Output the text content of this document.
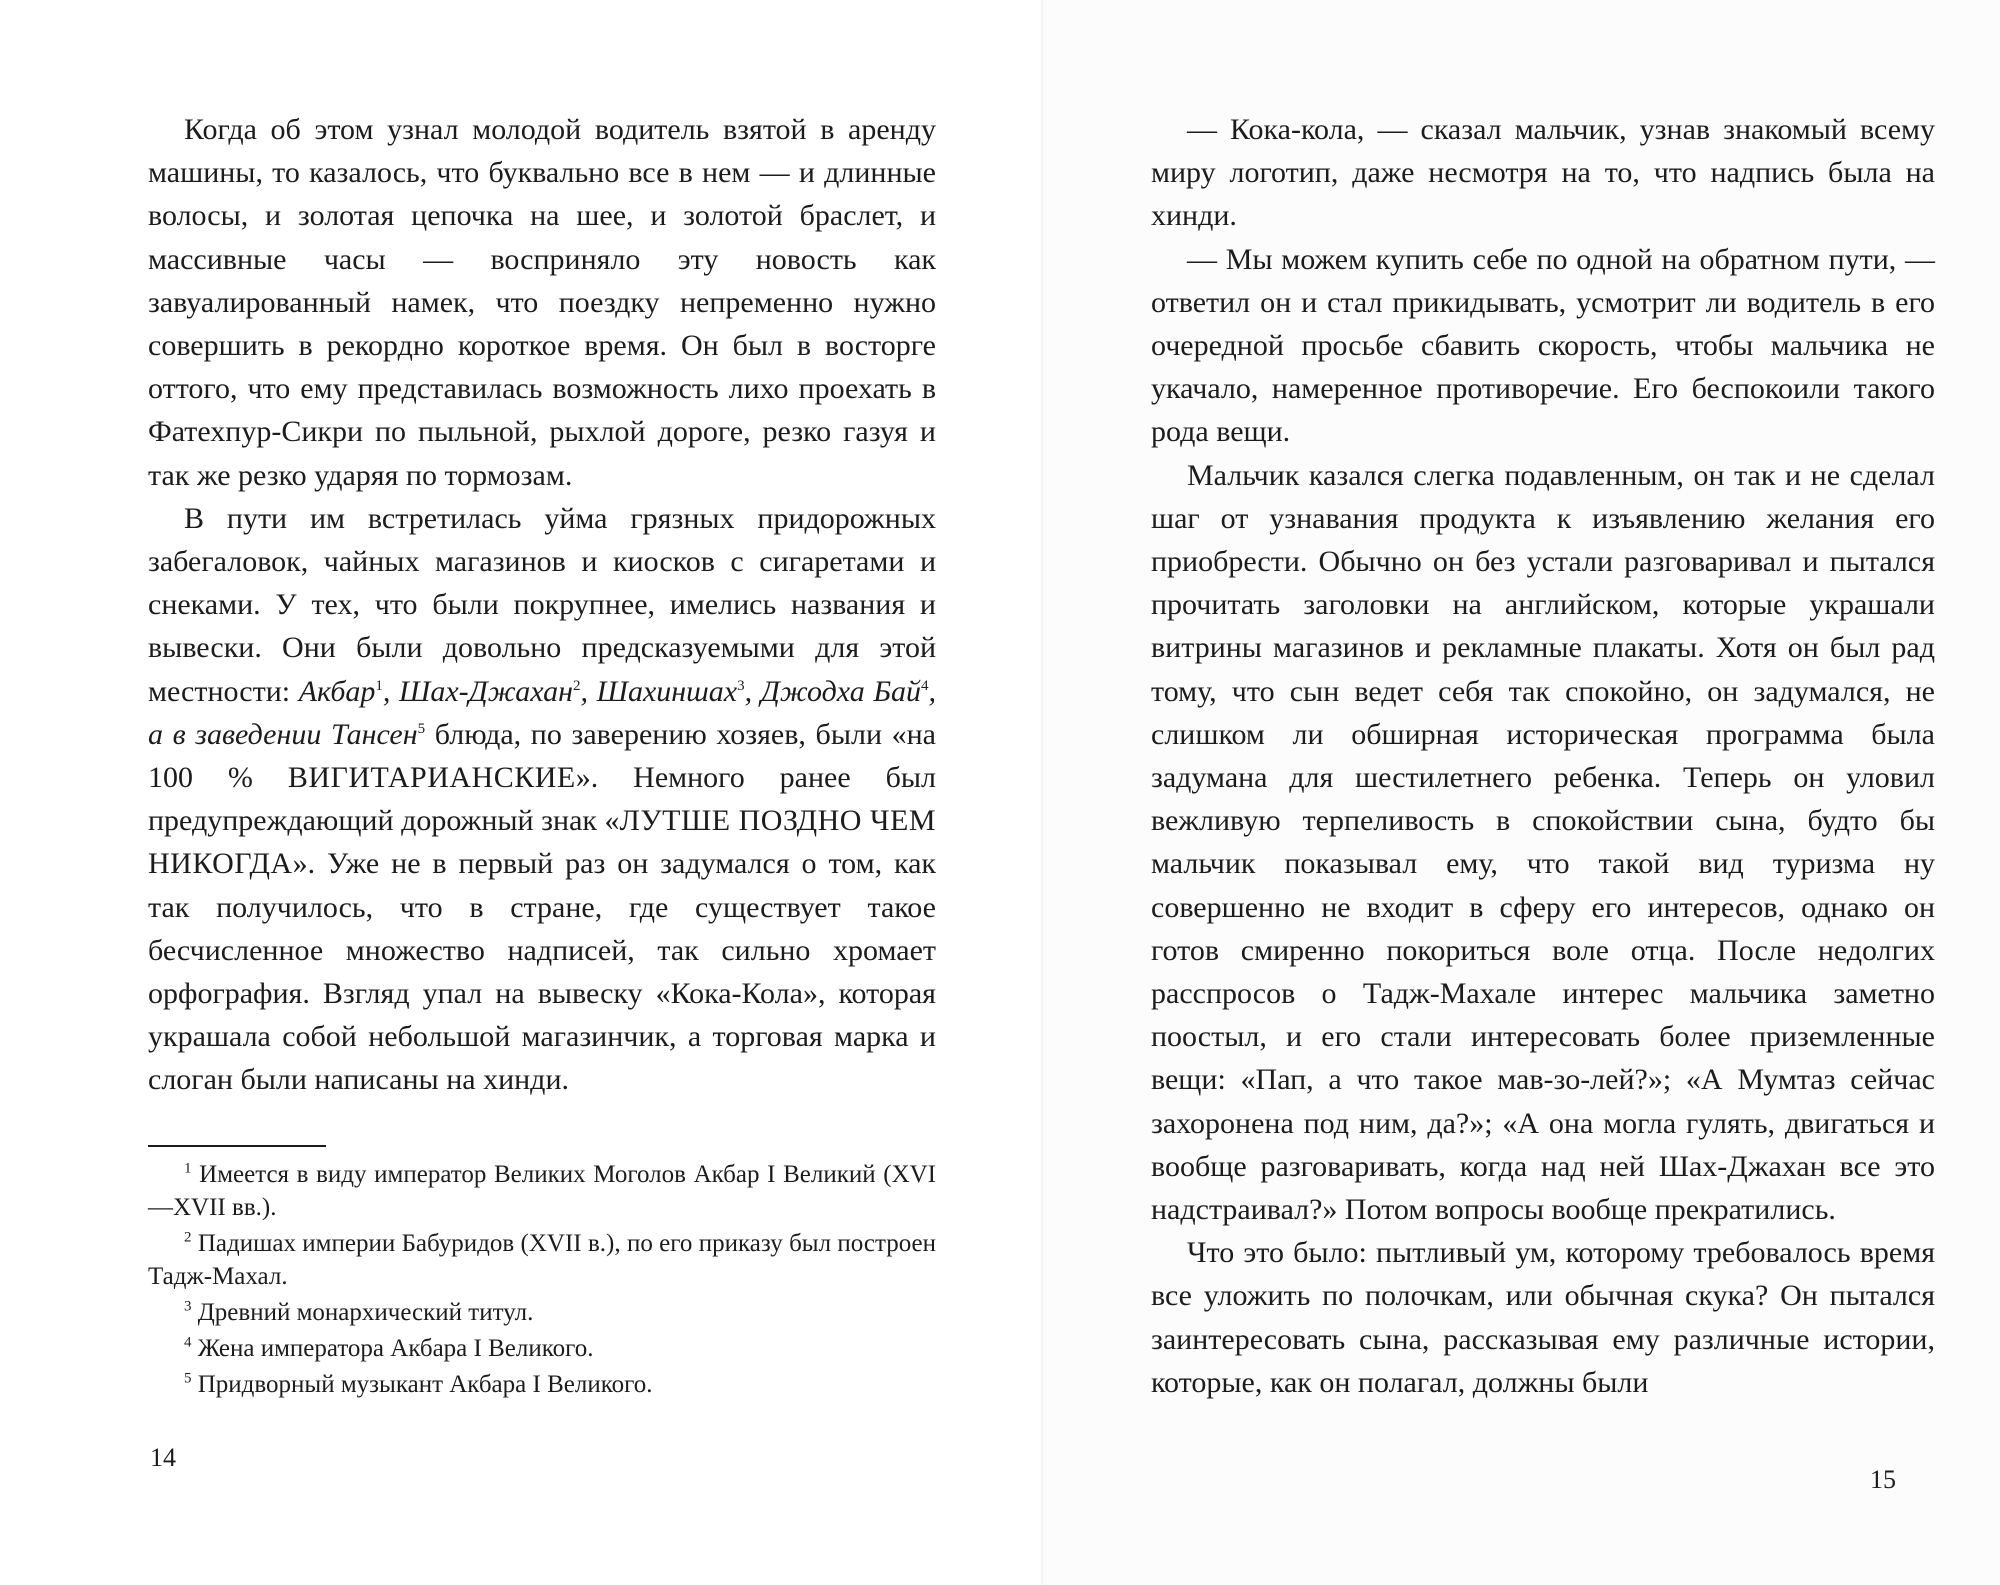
Когда об этом узнал молодой водитель взятой в аренду машины, то казалось, что буквально все в нем — и длинные волосы, и золотая цепочка на шее, и золотой браслет, и массивные часы — восприняло эту новость как завуалированный намек, что поездку непременно нужно совершить в рекордно короткое время. Он был в восторге оттого, что ему представилась возможность лихо проехать в Фатехпур-Сикри по пыльной, рыхлой дороге, резко газуя и так же резко ударяя по тормозам.

В пути им встретилась уйма грязных придорожных забегаловок, чайных магазинов и киосков с сигаретами и снеками. У тех, что были покрупнее, имелись названия и вывески. Они были довольно предсказуемыми для этой местности: Акбар$^1$, Шах-Джахан$^2$, Шахиншах$^3$, Джодха Бай$^4$, а в заведении Тансен$^5$ блюда, по заверению хозяев, были «на 100 % ВИГИТАРИАНСКИЕ». Немного ранее был предупреждающий дорожный знак «ЛУТШЕ ПОЗДНО ЧЕМ НИКОГДА». Уже не в первый раз он задумался о том, как так получилось, что в стране, где существует такое бесчисленное множество надписей, так сильно хромает орфография. Взгляд упал на вывеску «Кока-Кола», которая украшала собой небольшой магазинчик, а торговая марка и слоган были написаны на хинди.

$^1$ Имеется в виду император Великих Моголов Акбар I Великий (XVI—XVII вв.).

$^2$ Падишах империи Бабуридов (XVII в.), по его приказу был построен Тадж-Махал.

$^3$ Древний монархический титул.

$^4$ Жена императора Акбара I Великого.

$^5$ Придворный музыкант Акбара I Великого.

14

— Кока-кола, — сказал мальчик, узнав знакомый всему миру логотип, даже несмотря на то, что надпись была на хинди.

— Мы можем купить себе по одной на обратном пути, — ответил он и стал прикидывать, усмотрит ли водитель в его очередной просьбе сбавить скорость, чтобы мальчика не укачало, намеренное противоречие. Его беспокоили такого рода вещи.

Мальчик казался слегка подавленным, он так и не сделал шаг от узнавания продукта к изъявлению желания его приобрести. Обычно он без устали разговаривал и пытался прочитать заголовки на английском, которые украшали витрины магазинов и рекламные плакаты. Хотя он был рад тому, что сын ведет себя так спокойно, он задумался, не слишком ли обширная историческая программа была задумана для шестилетнего ребенка. Теперь он уловил вежливую терпеливость в спокойствии сына, будто бы мальчик показывал ему, что такой вид туризма ну совершенно не входит в сферу его интересов, однако он готов смиренно покориться воле отца. После недолгих расспросов о Тадж-Махале интерес мальчика заметно поостыл, и его стали интересовать более приземленные вещи: «Пап, а что такое мав-зо-лей?»; «А Мумтаз сейчас захоронена под ним, да?»; «А она могла гулять, двигаться и вообще разговаривать, когда над ней Шах-Джахан все это надстраивал?» Потом вопросы вообще прекратились.

Что это было: пытливый ум, которому требовалось время все уложить по полочкам, или обычная скука? Он пытался заинтересовать сына, рассказывая ему различные истории, которые, как он полагал, должны были

15
